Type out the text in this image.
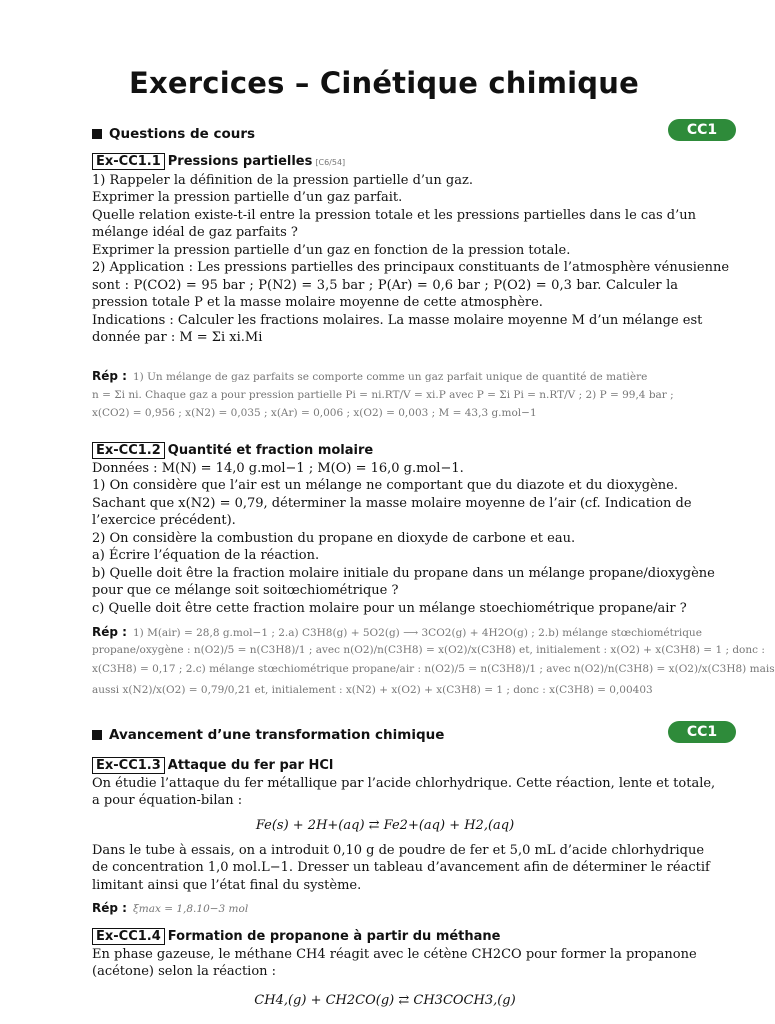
Exercices – Cinétique chimique
Questions de cours	CC1
Ex-CC1.1 Pressions partielles [C6/54]
1) Rappeler la définition de la pression partielle d’un gaz.
Exprimer la pression partielle d’un gaz parfait.
Quelle relation existe-t-il entre la pression totale et les pressions partielles dans le cas d’un
mélange idéal de gaz parfaits ?
Exprimer la pression partielle d’un gaz en fonction de la pression totale.
2) Application : Les pressions partielles des principaux constituants de l’atmosphère vénusienne
sont : P(CO2) = 95 bar ; P(N2) = 3,5 bar ; P(Ar) = 0,6 bar ; P(O2) = 0,3 bar. Calculer la
pression totale P et la masse molaire moyenne de cette atmosphère.
Indications : Calculer les fractions molaires. La masse molaire moyenne M d’un mélange est
donnée par : M = Σi xi.Mi
Rép : 1) Un mélange de gaz parfaits se comporte comme un gaz parfait unique de quantité de matière
n = Σi ni. Chaque gaz a pour pression partielle Pi = ni.RT/V = xi.P avec P = Σi Pi = n.RT/V ; 2) P = 99,4 bar ;
x(CO2) = 0,956 ; x(N2) = 0,035 ; x(Ar) = 0,006 ; x(O2) = 0,003 ; M = 43,3 g.mol−1
Ex-CC1.2 Quantité et fraction molaire
Données : M(N) = 14,0 g.mol−1 ; M(O) = 16,0 g.mol−1.
1) On considère que l’air est un mélange ne comportant que du diazote et du dioxygène.
Sachant que x(N2) = 0,79, déterminer la masse molaire moyenne de l’air (cf. Indication de
l’exercice précédent).
2) On considère la combustion du propane en dioxyde de carbone et eau.
a) Écrire l’équation de la réaction.
b) Quelle doit être la fraction molaire initiale du propane dans un mélange propane/dioxygène
pour que ce mélange soit soitœchiométrique ?
c) Quelle doit être cette fraction molaire pour un mélange stoechiométrique propane/air ?
Rép : 1) M(air) = 28,8 g.mol−1 ; 2.a) C3H8(g) + 5O2(g) ⟶ 3CO2(g) + 4H2O(g) ; 2.b) mélange stœchiométrique
propane/oxygène : n(O2)/5 = n(C3H8)/1 ; avec n(O2)/n(C3H8) = x(O2)/x(C3H8) et, initialement : x(O2) + x(C3H8) = 1 ; donc :
x(C3H8) = 0,17 ; 2.c) mélange stœchiométrique propane/air : n(O2)/5 = n(C3H8)/1 ; avec n(O2)/n(C3H8) = x(O2)/x(C3H8) mais
aussi x(N2)/x(O2) = 0,79/0,21 et, initialement : x(N2) + x(O2) + x(C3H8) = 1 ; donc : x(C3H8) = 0,00403
Avancement d’une transformation chimique	CC1
Ex-CC1.3 Attaque du fer par HCl
On étudie l’attaque du fer métallique par l’acide chlorhydrique. Cette réaction, lente et totale,
a pour équation-bilan :
Fe(s) + 2H+(aq) ⇄ Fe2+(aq) + H2,(aq)
Dans le tube à essais, on a introduit 0,10 g de poudre de fer et 5,0 mL d’acide chlorhydrique
de concentration 1,0 mol.L−1. Dresser un tableau d’avancement afin de déterminer le réactif
limitant ainsi que l’état final du système.
Rép : ξmax = 1,8.10−3 mol
Ex-CC1.4 Formation de propanone à partir du méthane
En phase gazeuse, le méthane CH4 réagit avec le cétène CH2CO pour former la propanone
(acétone) selon la réaction :
CH4,(g) + CH2CO(g) ⇄ CH3COCH3,(g)
